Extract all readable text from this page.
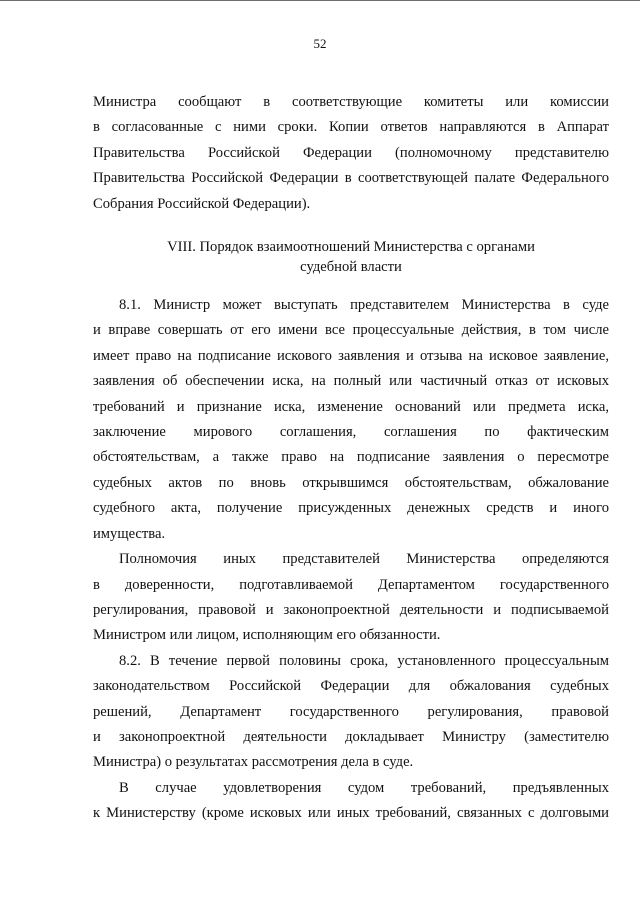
52
Министра сообщают в соответствующие комитеты или комиссии
в согласованные с ними сроки. Копии ответов направляются в Аппарат
Правительства Российской Федерации (полномочному представителю
Правительства Российской Федерации в соответствующей палате Федерального
Собрания Российской Федерации).
VIII. Порядок взаимоотношений Министерства с органами
судебной власти
8.1. Министр может выступать представителем Министерства в суде
и вправе совершать от его имени все процессуальные действия, в том числе
имеет право на подписание искового заявления и отзыва на исковое заявление,
заявления об обеспечении иска, на полный или частичный отказ от исковых
требований и признание иска, изменение оснований или предмета иска,
заключение мирового соглашения, соглашения по фактическим
обстоятельствам, а также право на подписание заявления о пересмотре
судебных актов по вновь открывшимся обстоятельствам, обжалование
судебного акта, получение присужденных денежных средств и иного
имущества.
Полномочия иных представителей Министерства определяются
в доверенности, подготавливаемой Департаментом государственного
регулирования, правовой и законопроектной деятельности и подписываемой
Министром или лицом, исполняющим его обязанности.
8.2. В течение первой половины срока, установленного процессуальным
законодательством Российской Федерации для обжалования судебных
решений, Департамент государственного регулирования, правовой
и законопроектной деятельности докладывает Министру (заместителю
Министра) о результатах рассмотрения дела в суде.
В случае удовлетворения судом требований, предъявленных
к Министерству (кроме исковых или иных требований, связанных с долговыми
